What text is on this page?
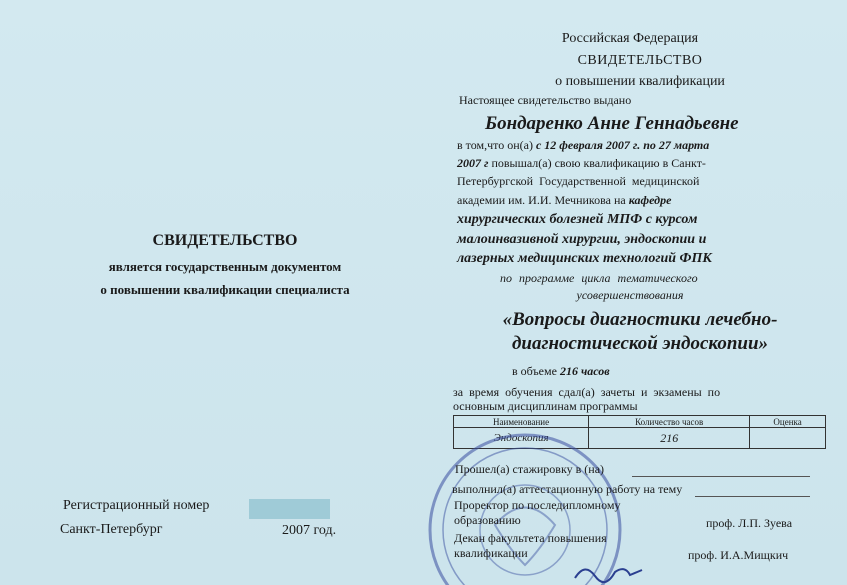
СВИДЕТЕЛЬСТВО
является государственным документом
о повышении квалификации специалиста
Регистрационный номер
Санкт-Петербург	2007 год.
Российская Федерация
СВИДЕТЕЛЬСТВО
о повышении квалификации
Настоящее свидетельство выдано
Бондаренко Анне Геннадьевне
в том,что он(а) с 12 февраля 2007 г. по 27 марта
2007 г повышал(а) свою квалификацию в Санкт-
Петербургской Государственной медицинской
академии им. И.И. Мечникова на кафедре
хирургических болезней МПФ с курсом
малоинвазивной хирургии, эндоскопии и
лазерных медицинских технологий ФПК
по программе цикла тематического
усовершенствования
«Вопросы диагностики лечебно-
диагностической эндоскопии»
в объеме 216 часов
за время обучения сдал(а) зачеты и экзамены по
основным дисциплинам программы
Наименование	Количество часов	Оценка
Эндоскопия	216	
Прошел(а) стажировку в (на)
выполнил(а) аттестационную работу на тему
Проректор по последипломному
образованию	проф. Л.П. Зуева
Декан факультета повышения
квалификации	проф. И.А.Мищкич
